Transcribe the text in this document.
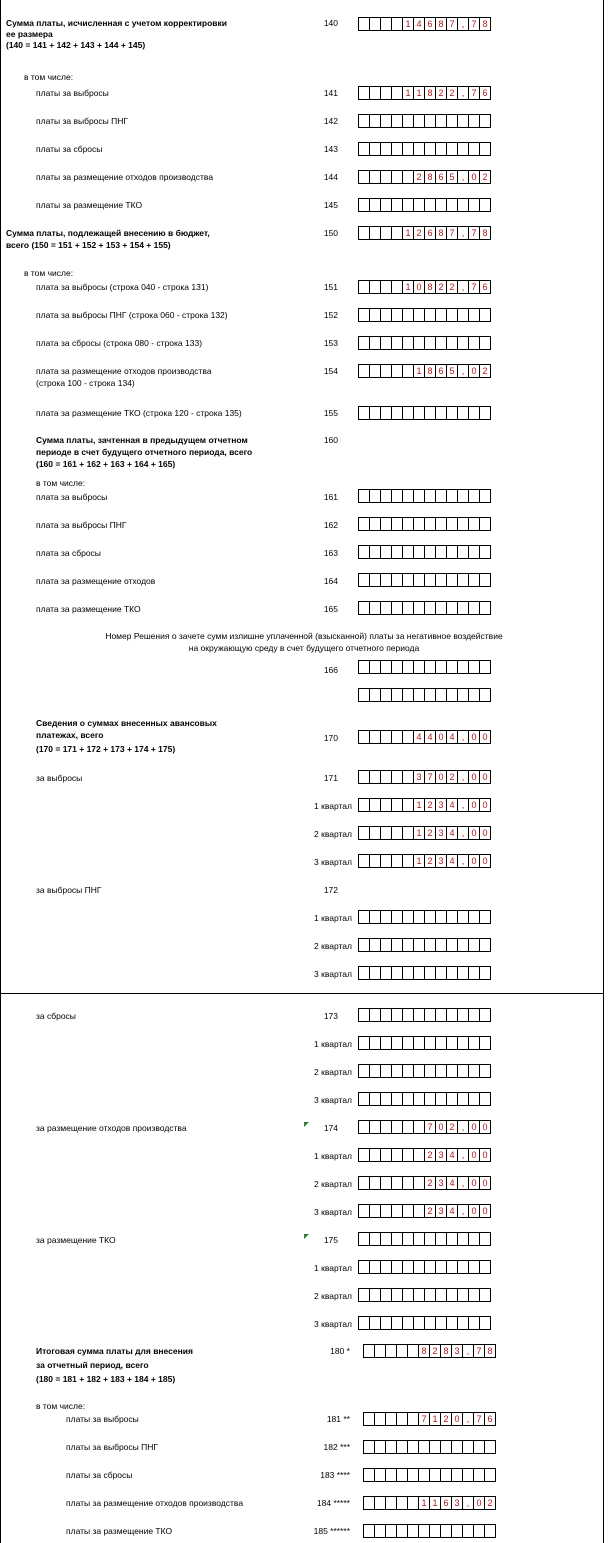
Номер Решения о зачете сумм излишне уплаченной (взысканной) платы за негативное воздействие
на окружающую среду в счет будущего отчетного периода
Сумма платы, исчисленная с учетом корректировки
ее размера
(140 = 141 + 142 + 143 + 144 + 145)
140	1 4 6 8 7 , 7 8
в том числе:
платы за выбросы	141	1 1 8 2 2 , 7 6
платы за выбросы ПНГ	142
платы за сбросы	143
платы за размещение отходов производства	144	2 8 6 5 , 0 2
платы за размещение ТКО	145
Сумма платы, подлежащей внесению в бюджет,
всего (150 = 151 + 152 + 153 + 154 + 155)
150	1 2 6 8 7 , 7 8
в том числе:
плата за выбросы (строка 040 - строка 131)	151	1 0 8 2 2 , 7 6
плата за выбросы ПНГ (строка 060 - строка 132)	152
плата за сбросы (строка 080 - строка 133)	153
плата за размещение отходов производства
(строка 100 - строка 134)
154	1 8 6 5 , 0 2
плата за размещение ТКО (строка 120 - строка 135)	155
Сумма платы, зачтенная в предыдущем отчетном
периоде в счет будущего отчетного периода, всего
(160 = 161 + 162 + 163 + 164 + 165)
160
в том числе:
плата за выбросы	161
плата за выбросы ПНГ	162
плата за сбросы	163
плата за размещение отходов	164
плата за размещение ТКО	165
166
Сведения о суммах внесенных авансовых
платежах, всего
(170 = 171 + 172 + 173 + 174 + 175)
170	4 4 0 4 , 0 0
за выбросы	171	3 7 0 2 , 0 0
1 квартал	1 2 3 4 , 0 0
2 квартал	1 2 3 4 , 0 0
3 квартал	1 2 3 4 , 0 0
за выбросы ПНГ	172
1 квартал
2 квартал
3 квартал
за сбросы	173
1 квартал
2 квартал
3 квартал
за размещение отходов производства	174	7 0 2 , 0 0
1 квартал	2 3 4 , 0 0
2 квартал	2 3 4 , 0 0
3 квартал	2 3 4 , 0 0
за размещение ТКО	175
1 квартал
2 квартал
3 квартал
Итоговая сумма платы для внесения
за отчетный период, всего
(180 = 181 + 182 + 183 + 184 + 185)
180 *	8 2 8 3 , 7 8
в том числе:
платы за выбросы	181 **	7 1 2 0 , 7 6
платы за выбросы ПНГ	182 ***
платы за сбросы	183 ****
платы за размещение отходов производства	184 *****	1 1 6 3 , 0 2
платы за размещение ТКО	185 ******
